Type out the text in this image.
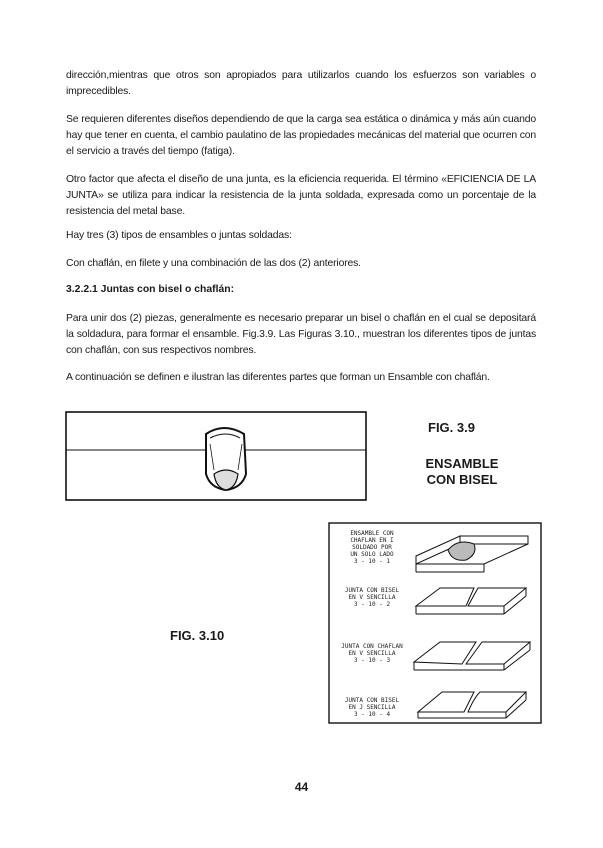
dirección,mientras que otros son apropiados para utilizarlos cuando los esfuerzos son variables o imprecedibles.

Se requieren diferentes diseños dependiendo de que la carga sea estática o dinámica y más aún cuando hay que tener en cuenta, el cambio paulatino de las propiedades mecánicas del material que ocurren con el servicio a través del tiempo (fatiga).

Otro factor que afecta el diseño de una junta, es la eficiencia requerida. El término «EFICIENCIA DE LA JUNTA» se utiliza para indicar la resistencia de la junta soldada, expresada como un porcentaje de la resistencia del metal base.

Hay tres (3) tipos de ensambles o juntas soldadas:

Con chaflán, en filete y una combinación de las dos (2) anteriores.

3.2.2.1 Juntas con bisel o chaflán:

Para unir dos (2) piezas, generalmente es necesario preparar un bisel o chaflán en el cual se depositará la soldadura, para formar el ensamble. Fig.3.9. Las Figuras 3.10., muestran los diferentes tipos de juntas con chaflán, con sus respectivos nombres.

A continuación se definen e ilustran las diferentes partes que forman un Ensamble con chaflán.

FIG. 3.9

ENSAMBLE

CON BISEL

FIG. 3.10

ENSAMBLE CON
CHAFLAN EN I
SOLDADO POR
UN SOLO LADO
3 - 10 - 1
JUNTA CON BISEL
EN V SENCILLA
3 - 10 - 2
JUNTA CON CHAFLAN
EN V SENCILLA
3 - 10 - 3
JUNTA CON BISEL
EN J SENCILLA
3 - 10 - 4

44
